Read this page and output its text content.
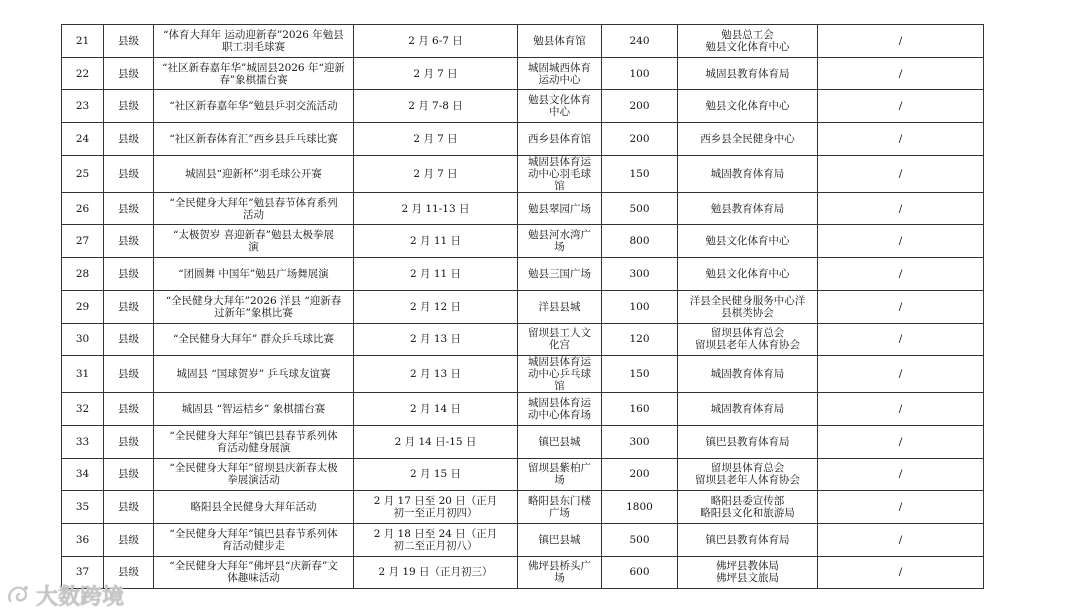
21	县级	“体育大拜年 运动迎新春”2026 年勉县
职工羽毛球赛	2 月 6-7 日	勉县体育馆	240	勉县总工会
勉县文化体育中心	/
22	县级	“社区新春嘉年华”城固县2026 年“迎新
春”象棋擂台赛	2 月 7 日	城固城西体育
运动中心	100	城固县教育体育局	/
23	县级	“社区新春嘉年华”勉县乒羽交流活动	2 月 7-8 日	勉县文化体育
中心	200	勉县文化体育中心	/
24	县级	“社区新春体育汇”西乡县乒乓球比赛	2 月 7 日	西乡县体育馆	200	西乡县全民健身中心	/
25	县级	城固县“迎新杯”羽毛球公开赛	2 月 7 日	城固县体育运
动中心羽毛球
馆	150	城固教育体育局	/
26	县级	“全民健身大拜年”勉县春节体育系列
活动	2 月 11-13 日	勉县翠园广场	500	勉县教育体育局	/
27	县级	“太极贺岁 喜迎新春”勉县太极拳展
演	2 月 11 日	勉县河水湾广
场	800	勉县文化体育中心	/
28	县级	“团圆舞 中国年”勉县广场舞展演	2 月 11 日	勉县三国广场	300	勉县文化体育中心	/
29	县级	“全民健身大拜年”2026 洋县 “迎新春
过新年”象棋比赛	2 月 12 日	洋县县城	100	洋县全民健身服务中心洋
县棋类协会	/
30	县级	“全民健身大拜年” 群众乒乓球比赛	2 月 13 日	留坝县工人文
化宫	120	留坝县体育总会
留坝县老年人体育协会	/
31	县级	城固县 “国球贺岁” 乒乓球友谊赛	2 月 13 日	城固县体育运
动中心乒乓球
馆	150	城固教育体育局	/
32	县级	城固县 “智运桔乡” 象棋擂台赛	2 月 14 日	城固县体育运
动中心体育场	160	城固教育体育局	/
33	县级	“全民健身大拜年”镇巴县春节系列体
育活动健身展演	2 月 14 日-15 日	镇巴县城	300	镇巴县教育体育局	/
34	县级	“全民健身大拜年”留坝县庆新春太极
拳展演活动	2 月 15 日	留坝县紫柏广
场	200	留坝县体育总会
留坝县老年人体育协会	/
35	县级	略阳县全民健身大拜年活动	2 月 17 日至 20 日（正月
初一至正月初四）	略阳县东门楼
广场	1800	略阳县委宣传部
略阳县文化和旅游局	/
36	县级	“全民健身大拜年”镇巴县春节系列体
育活动健步走	2 月 18 日至 24 日（正月
初二至正月初八）	镇巴县城	500	镇巴县教育体育局	/
37	县级	“全民健身大拜年”佛坪县“庆新春”文
体趣味活动	2 月 19 日（正月初三）	佛坪县桥头广
场	600	佛坪县教体局
佛坪县文旅局	/
大数跨境
